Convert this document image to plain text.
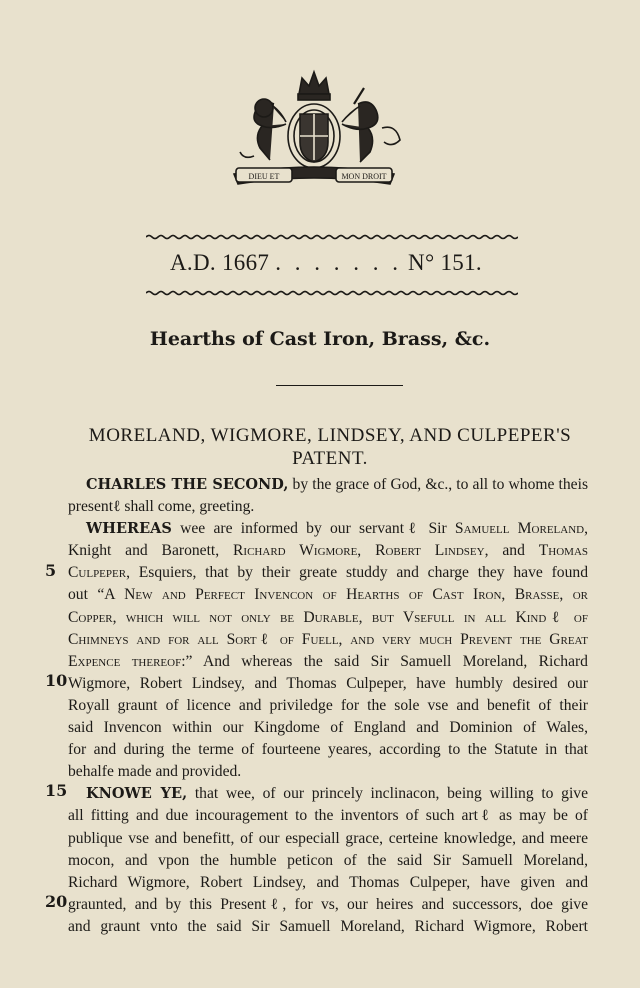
DIEU ET	MON DROIT
A.D. 1667 . . . . . . . N° 151.
Hearths of Cast Iron, Brass, &c.
MORELAND, WIGMORE, LINDSEY, AND CULPEPER'S
PATENT.
5
10
15
20
CHARLES THE SECOND, by the grace of God, &c., to all to whome theis
presentℓ shall come, greeting.
WHEREAS wee are informed by our servantℓ Sir Samuell Moreland,
Knight and Baronett, Richard Wigmore, Robert Lindsey, and Thomas
Culpeper, Esquiers, that by their greate studdy and charge they have found
out “A New and Perfect Invencon of Hearths of Cast Iron, Brasse, or
Copper, which will not only be Durable, but Vsefull in all Kindℓ of
Chimneys and for all Sortℓ of Fuell, and very much Prevent the Great
Expence thereof:” And whereas the said Sir Samuell Moreland, Richard
Wigmore, Robert Lindsey, and Thomas Culpeper, have humbly desired our
Royall graunt of licence and priviledge for the sole vse and benefit of their
said Invencon within our Kingdome of England and Dominion of Wales,
for and during the terme of fourteene yeares, according to the Statute in that
behalfe made and provided.
KNOWE YE, that wee, of our princely inclinacon, being willing to give
all fitting and due incouragement to the inventors of such artℓ as may be of
publique vse and benefitt, of our especiall grace, certeine knowledge, and meere
mocon, and vpon the humble peticon of the said Sir Samuell Moreland,
Richard Wigmore, Robert Lindsey, and Thomas Culpeper, have given and
graunted, and by this Presentℓ, for vs, our heires and successors, doe give
and graunt vnto the said Sir Samuell Moreland, Richard Wigmore, Robert
